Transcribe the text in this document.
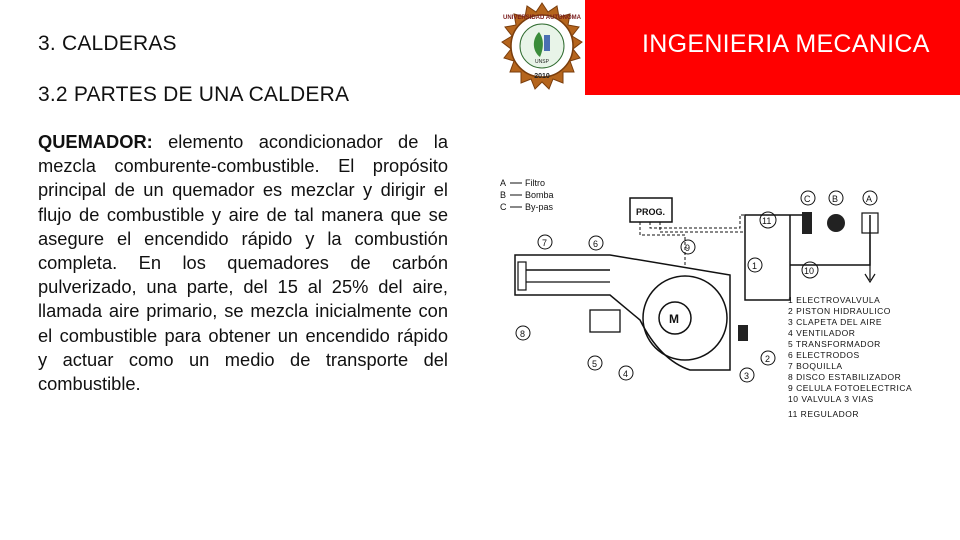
3. CALDERAS
3.2 PARTES DE UNA CALDERA
QUEMADOR: elemento acondicionador de la mezcla comburente-combustible. El propósito principal de un quemador es mezclar y dirigir el flujo de combustible y aire de tal manera que se asegure el encendido rápido y la combustión completa. En los quemadores de carbón pulverizado, una parte, del 15 al 25% del aire, llamada aire primario, se mezcla inicialmente con el combustible para obtener un encendido rápido y actuar como un medio de transporte del combustible.
UNIVERSIDAD AUTONOMA
UNSP
2010
INGENIERIA MECANICA
A Filtro
B Bomba
C By-pas	PROG.
M
C B	A
7	6	9
11
1	10
8
5
4	3
2
1 ELECTROVALVULA
2 PISTON HIDRAULICO
3 CLAPETA DEL AIRE
4 VENTILADOR
5 TRANSFORMADOR
6 ELECTRODOS
7 BOQUILLA
8 DISCO ESTABILIZADOR
9 CELULA FOTOELECTRICA
10 VALVULA 3 VIAS
11 REGULADOR
